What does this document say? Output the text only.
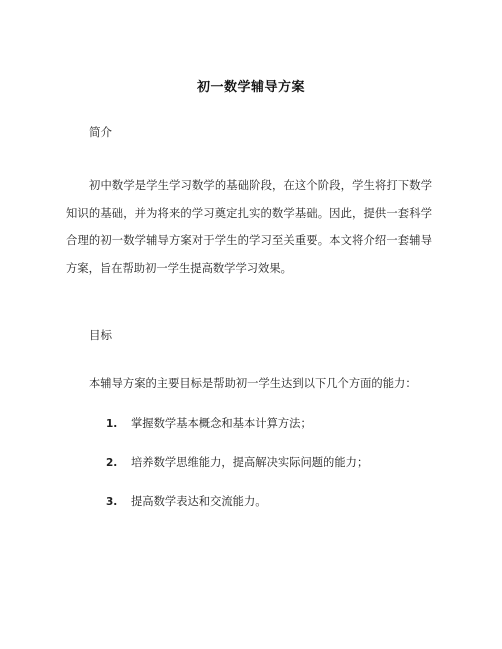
初一数学辅导方案
简介

初中数学是学生学习数学的基础阶段，在这个阶段，学生将打下数学知识的基础，并为将来的学习奠定扎实的数学基础。因此，提供一套科学合理的初一数学辅导方案对于学生的学习至关重要。本文将介绍一套辅导方案，旨在帮助初一学生提高数学学习效果。

目标

本辅导方案的主要目标是帮助初一学生达到以下几个方面的能力：

1. 掌握数学基本概念和基本计算方法；
2. 培养数学思维能力，提高解决实际问题的能力；
3. 提高数学表达和交流能力。
